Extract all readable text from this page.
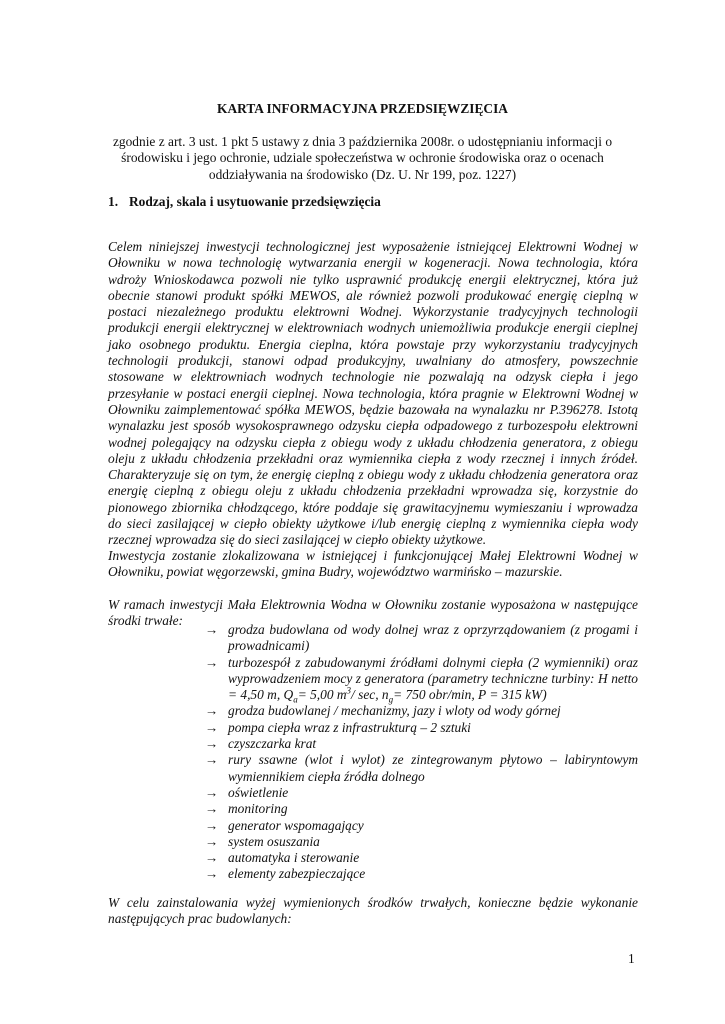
KARTA INFORMACYJNA PRZEDSIĘWZIĘCIA
zgodnie z art. 3 ust. 1 pkt 5 ustawy z dnia 3 października 2008r. o udostępnianiu informacji o środowisku i jego ochronie, udziale społeczeństwa w ochronie środowiska oraz o ocenach oddziaływania na środowisko (Dz. U. Nr 199, poz. 1227)
1. Rodzaj, skala i usytuowanie przedsięwzięcia

Celem niniejszej inwestycji technologicznej jest wyposażenie istniejącej Elektrowni Wodnej w Ołowniku w nowa technologię wytwarzania energii w kogeneracji. Nowa technologia, która wdroży Wnioskodawca pozwoli nie tylko usprawnić produkcję energii elektrycznej, która już obecnie stanowi produkt spółki MEWOS, ale również pozwoli produkować energię cieplną w postaci niezależnego produktu elektrowni Wodnej. Wykorzystanie tradycyjnych technologii produkcji energii elektrycznej w elektrowniach wodnych uniemożliwia produkcje energii cieplnej jako osobnego produktu. Energia cieplna, która powstaje przy wykorzystaniu tradycyjnych technologii produkcji, stanowi odpad produkcyjny, uwalniany do atmosfery, powszechnie stosowane w elektrowniach wodnych technologie nie pozwalają na odzysk ciepła i jego przesyłanie w postaci energii cieplnej. Nowa technologia, która pragnie w Elektrowni Wodnej w Ołowniku zaimplementować spółka MEWOS, będzie bazowała na wynalazku nr P.396278. Istotą wynalazku jest sposób wysokosprawnego odzysku ciepła odpadowego z turbozespołu elektrowni wodnej polegający na odzysku ciepła z obiegu wody z układu chłodzenia generatora, z obiegu oleju z układu chłodzenia przekładni oraz wymiennika ciepła z wody rzecznej i innych źródeł. Charakteryzuje się on tym, że energię cieplną z obiegu wody z układu chłodzenia generatora oraz energię cieplną z obiegu oleju z układu chłodzenia przekładni wprowadza się, korzystnie do pionowego zbiornika chłodzącego, które poddaje się grawitacyjnemu wymieszaniu i wprowadza do sieci zasilającej w ciepło obiekty użytkowe i/lub energię cieplną z wymiennika ciepła wody rzecznej wprowadza się do sieci zasilającej w ciepło obiekty użytkowe.

Inwestycja zostanie zlokalizowana w istniejącej i funkcjonującej Małej Elektrowni Wodnej w Ołowniku, powiat węgorzewski, gmina Budry, województwo warmińsko – mazurskie.

W ramach inwestycji Mała Elektrownia Wodna w Ołowniku zostanie wyposażona w następujące środki trwałe:

→ grodza budowlana od wody dolnej wraz z oprzyrządowaniem (z progami i prowadnicami)
→ turbozespół z zabudowanymi źródłami dolnymi ciepła (2 wymienniki) oraz wyprowadzeniem mocy z generatora (parametry techniczne turbiny: H netto = 4,50 m, $Q_a= 5,00$ $m^3/$ sec, $n_g= 750$ obr/min, P = 315 kW)
→ grodza budowlanej / mechanizmy, jazy i wloty od wody górnej
→ pompa ciepła wraz z infrastrukturą – 2 sztuki
→ czyszczarka krat
→ rury ssawne (wlot i wylot) ze zintegrowanym płytowo – labiryntowym wymiennikiem ciepła źródła dolnego
→ oświetlenie
→ monitoring
→ generator wspomagający
→ system osuszania
→ automatyka i sterowanie
→ elementy zabezpieczające

W celu zainstalowania wyżej wymienionych środków trwałych, konieczne będzie wykonanie następujących prac budowlanych:

1
